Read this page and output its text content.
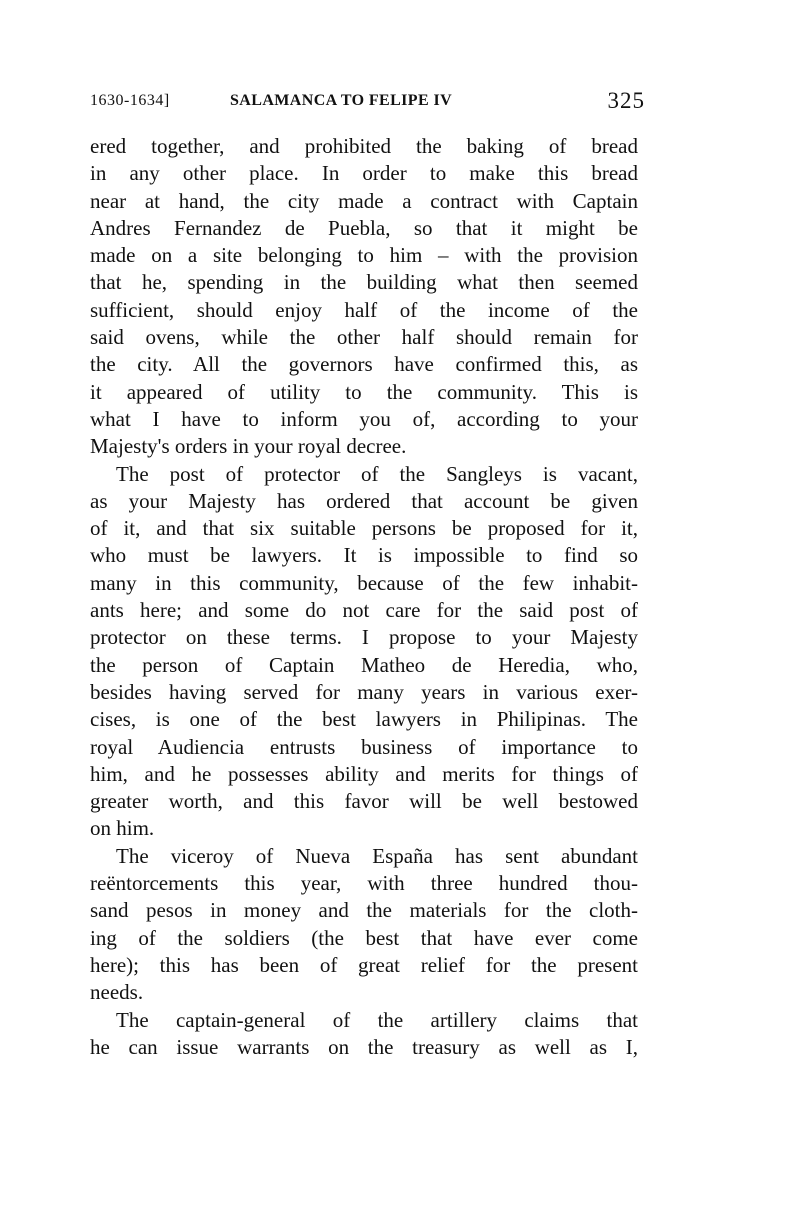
1630-1634]	SALAMANCA TO FELIPE IV	325
ered together, and prohibited the baking of bread
in any other place. In order to make this bread
near at hand, the city made a contract with Captain
Andres Fernandez de Puebla, so that it might be
made on a site belonging to him – with the provision
that he, spending in the building what then seemed
sufficient, should enjoy half of the income of the
said ovens, while the other half should remain for
the city. All the governors have confirmed this, as
it appeared of utility to the community. This is
what I have to inform you of, according to your
Majesty's orders in your royal decree.
The post of protector of the Sangleys is vacant,
as your Majesty has ordered that account be given
of it, and that six suitable persons be proposed for it,
who must be lawyers. It is impossible to find so
many in this community, because of the few inhabit-
ants here; and some do not care for the said post of
protector on these terms. I propose to your Majesty
the person of Captain Matheo de Heredia, who,
besides having served for many years in various exer-
cises, is one of the best lawyers in Philipinas. The
royal Audiencia entrusts business of importance to
him, and he possesses ability and merits for things of
greater worth, and this favor will be well bestowed
on him.
The viceroy of Nueva España has sent abundant
reëntorcements this year, with three hundred thou-
sand pesos in money and the materials for the cloth-
ing of the soldiers (the best that have ever come
here); this has been of great relief for the present
needs.
The captain-general of the artillery claims that
he can issue warrants on the treasury as well as I,
